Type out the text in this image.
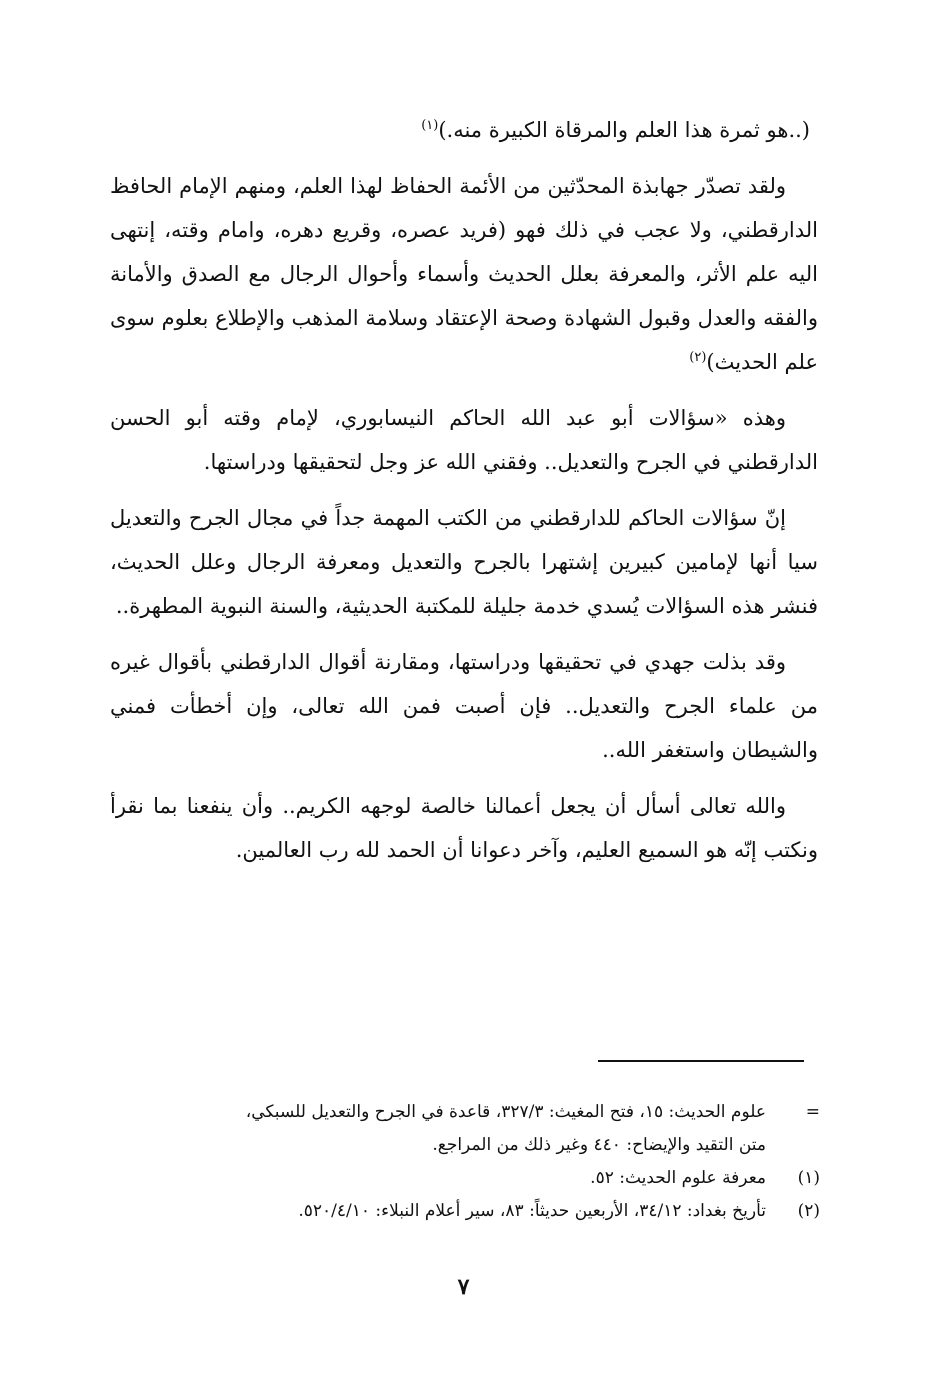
(..هو ثمرة هذا العلم والمرقاة الكبيرة منه.)$^{(١)}$

ولقد تصدّر جهابذة المحدّثين من الأئمة الحفاظ لهذا العلم، ومنهم الإمام الحافظ الدارقطني، ولا عجب في ذلك فهو (فريد عصره، وقريع دهره، وامام وقته، إنتهى اليه علم الأثر، والمعرفة بعلل الحديث وأسماء وأحوال الرجال مع الصدق والأمانة والفقه والعدل وقبول الشهادة وصحة الإعتقاد وسلامة المذهب والإطلاع بعلوم سوى علم الحديث)$^{(٢)}$

وهذه «سؤالات أبو عبد الله الحاكم النيسابوري، لإمام وقته أبو الحسن الدارقطني في الجرح والتعديل.. وفقني الله عز وجل لتحقيقها ودراستها.

إنّ سؤالات الحاكم للدارقطني من الكتب المهمة جداً في مجال الجرح والتعديل سيا أنها لإمامين كبيرين إشتهرا بالجرح والتعديل ومعرفة الرجال وعلل الحديث، فنشر هذه السؤالات يُسدي خدمة جليلة للمكتبة الحديثية، والسنة النبوية المطهرة..

وقد بذلت جهدي في تحقيقها ودراستها، ومقارنة أقوال الدارقطني بأقوال غيره من علماء الجرح والتعديل.. فإن أصبت فمن الله تعالى، وإن أخطأت فمني والشيطان واستغفر الله..

والله تعالى أسأل أن يجعل أعمالنا خالصة لوجهه الكريم.. وأن ينفعنا بما نقرأ ونكتب إنّه هو السميع العليم، وآخر دعوانا أن الحمد لله رب العالمين.

=
علوم الحديث: ١٥، فتح المغيث: ٣٢٧/٣، قاعدة في الجرح والتعديل للسبكي،
متن التقيد والإيضاح: ٤٤٠ وغير ذلك من المراجع.
(١)
معرفة علوم الحديث: ٥٢.
(٢)
تأريخ بغداد: ٣٤/١٢، الأربعين حديثاً: ٨٣، سير أعلام النبلاء: ٥٢٠/٤/١٠.
٧
